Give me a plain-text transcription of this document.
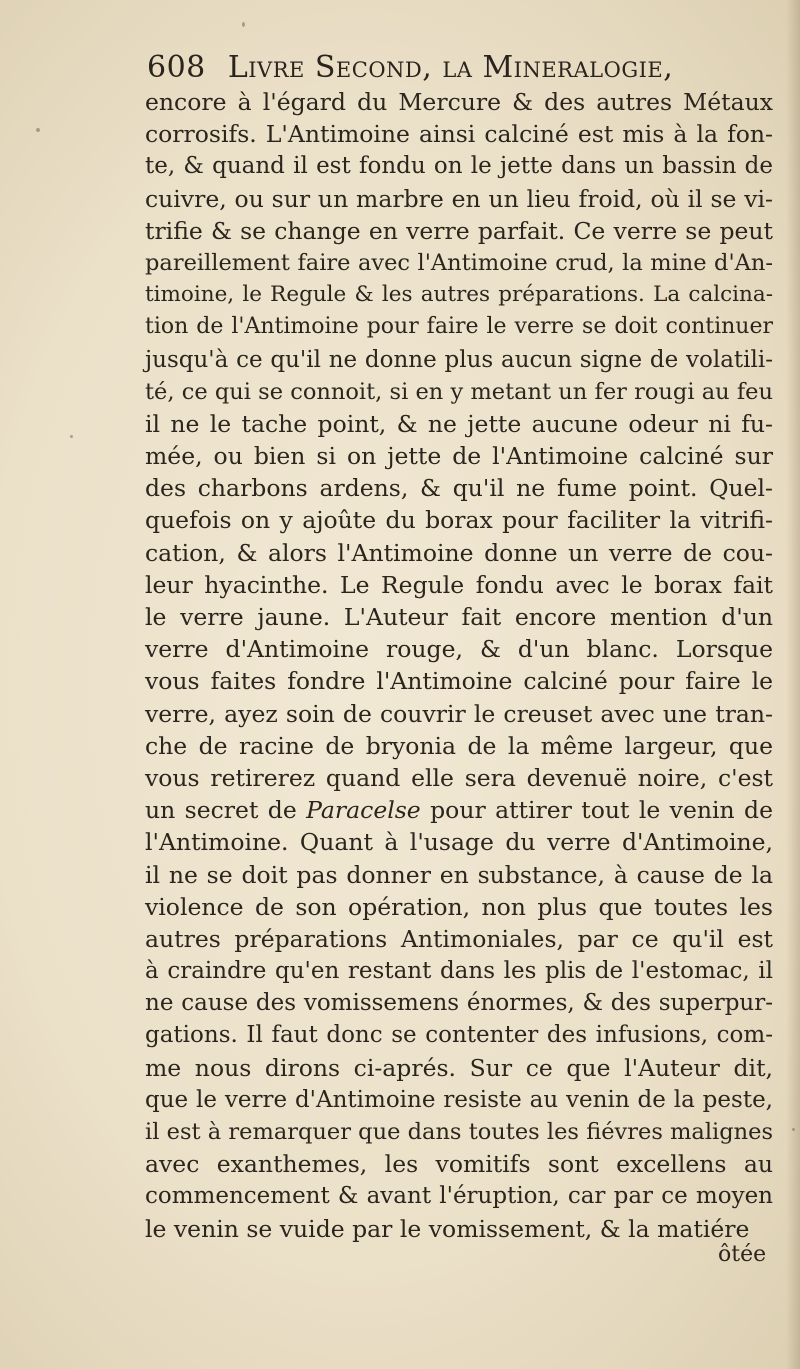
608 Livre Second, la Mineralogie,
encore à l'égard du Mercure & des autres Métaux
corrosifs. L'Antimoine ainsi calciné est mis à la fon-
te, & quand il est fondu on le jette dans un bassin de
cuivre, ou sur un marbre en un lieu froid, où il se vi-
trifie & se change en verre parfait. Ce verre se peut
pareillement faire avec l'Antimoine crud, la mine d'An-
timoine, le Regule & les autres préparations. La calcina-
tion de l'Antimoine pour faire le verre se doit continuer
jusqu'à ce qu'il ne donne plus aucun signe de volatili-
té, ce qui se connoit, si en y metant un fer rougi au feu
il ne le tache point, & ne jette aucune odeur ni fu-
mée, ou bien si on jette de l'Antimoine calciné sur
des charbons ardens, & qu'il ne fume point. Quel-
quefois on y ajoûte du borax pour faciliter la vitrifi-
cation, & alors l'Antimoine donne un verre de cou-
leur hyacinthe. Le Regule fondu avec le borax fait
le verre jaune. L'Auteur fait encore mention d'un
verre d'Antimoine rouge, & d'un blanc. Lorsque
vous faites fondre l'Antimoine calciné pour faire le
verre, ayez soin de couvrir le creuset avec une tran-
che de racine de bryonia de la même largeur, que
vous retirerez quand elle sera devenuë noire, c'est
un secret de Paracelse pour attirer tout le venin de
l'Antimoine. Quant à l'usage du verre d'Antimoine,
il ne se doit pas donner en substance, à cause de la
violence de son opération, non plus que toutes les
autres préparations Antimoniales, par ce qu'il est
à craindre qu'en restant dans les plis de l'estomac, il
ne cause des vomissemens énormes, & des superpur-
gations. Il faut donc se contenter des infusions, com-
me nous dirons ci-aprés. Sur ce que l'Auteur dit,
que le verre d'Antimoine resiste au venin de la peste,
il est à remarquer que dans toutes les fiévres malignes
avec exanthemes, les vomitifs sont excellens au
commencement & avant l'éruption, car par ce moyen
le venin se vuide par le vomissement, & la matiére
ôtée
